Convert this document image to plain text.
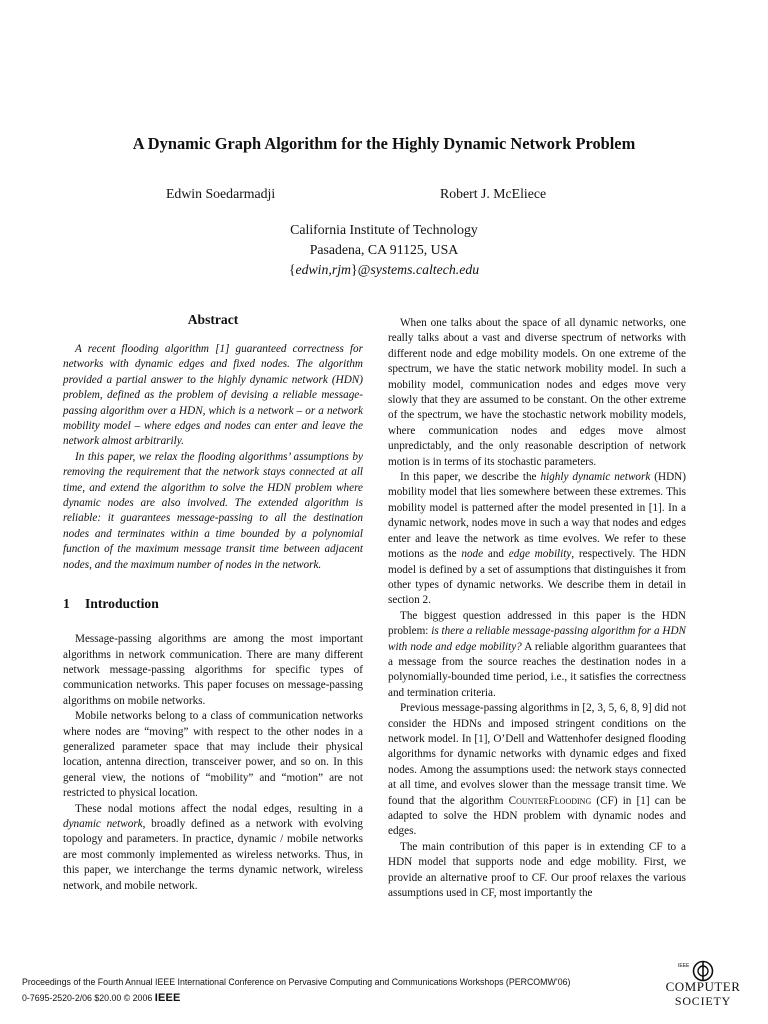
A Dynamic Graph Algorithm for the Highly Dynamic Network Problem
Edwin Soedarmadji	Robert J. McEliece
California Institute of Technology
Pasadena, CA 91125, USA
{edwin,rjm}@systems.caltech.edu
Abstract

A recent flooding algorithm [1] guaranteed correctness for networks with dynamic edges and fixed nodes. The algorithm provided a partial answer to the highly dynamic network (HDN) problem, defined as the problem of devising a reliable message-passing algorithm over a HDN, which is a network – or a network mobility model – where edges and nodes can enter and leave the network almost arbitrarily.

In this paper, we relax the flooding algorithms’ assumptions by removing the requirement that the network stays connected at all time, and extend the algorithm to solve the HDN problem where dynamic nodes are also involved. The extended algorithm is reliable: it guarantees message-passing to all the destination nodes and terminates within a time bounded by a polynomial function of the maximum message transit time between adjacent nodes, and the maximum number of nodes in the network.

1 Introduction

Message-passing algorithms are among the most important algorithms in network communication. There are many different network message-passing algorithms for specific types of communication networks. This paper focuses on message-passing algorithms on mobile networks.

Mobile networks belong to a class of communication networks where nodes are “moving” with respect to the other nodes in a generalized parameter space that may include their physical location, antenna direction, transceiver power, and so on. In this general view, the notions of “mobility” and “motion” are not restricted to physical location.

These nodal motions affect the nodal edges, resulting in a dynamic network, broadly defined as a network with evolving topology and parameters. In practice, dynamic / mobile networks are most commonly implemented as wireless networks. Thus, in this paper, we interchange the terms dynamic network, wireless network, and mobile network.

When one talks about the space of all dynamic networks, one really talks about a vast and diverse spectrum of networks with different node and edge mobility models. On one extreme of the spectrum, we have the static network mobility model. In such a mobility model, communication nodes and edges move very slowly that they are assumed to be constant. On the other extreme of the spectrum, we have the stochastic network mobility models, where communication nodes and edges move almost unpredictably, and the only reasonable description of network motion is in terms of its stochastic parameters.

In this paper, we describe the highly dynamic network (HDN) mobility model that lies somewhere between these extremes. This mobility model is patterned after the model presented in [1]. In a dynamic network, nodes move in such a way that nodes and edges enter and leave the network as time evolves. We refer to these motions as the node and edge mobility, respectively. The HDN model is defined by a set of assumptions that distinguishes it from other types of dynamic networks. We describe them in detail in section 2.

The biggest question addressed in this paper is the HDN problem: is there a reliable message-passing algorithm for a HDN with node and edge mobility? A reliable algorithm guarantees that a message from the source reaches the destination nodes in a polynomially-bounded time period, i.e., it satisfies the correctness and termination criteria.

Previous message-passing algorithms in [2, 3, 5, 6, 8, 9] did not consider the HDNs and imposed stringent conditions on the network model. In [1], O’Dell and Wattenhofer designed flooding algorithms for dynamic networks with dynamic edges and fixed nodes. Among the assumptions used: the network stays connected at all time, and evolves slower than the message transit time. We found that the algorithm CounterFlooding (CF) in [1] can be adapted to solve the HDN problem with dynamic nodes and edges.

The main contribution of this paper is in extending CF to a HDN model that supports node and edge mobility. First, we provide an alternative proof to CF. Our proof relaxes the various assumptions used in CF, most importantly the

Proceedings of the Fourth Annual IEEE International Conference on Pervasive Computing and Communications Workshops (PERCOMW’06)
0-7695-2520-2/06 $20.00 © 2006 IEEE
IEEE
COMPUTER
SOCIETY
